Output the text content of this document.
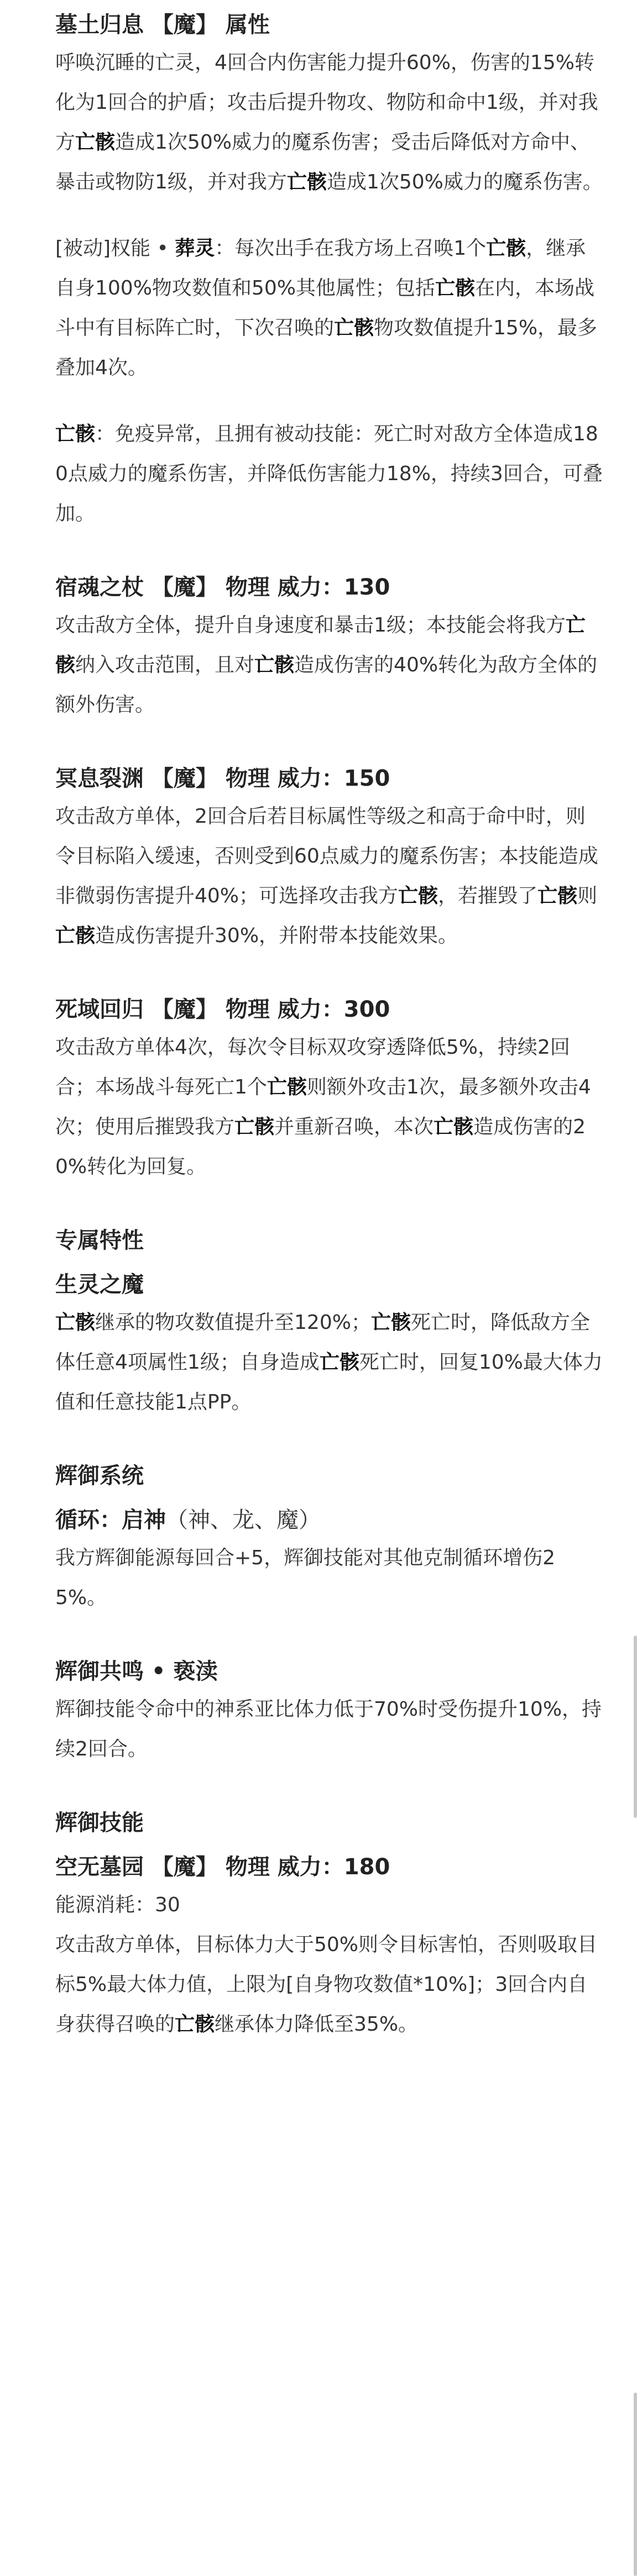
墓土归息 【魔】 属性

呼唤沉睡的亡灵，4回合内伤害能力提升60%，伤害的15%转化为1回合的护盾；攻击后提升物攻、物防和命中1级，并对我方亡骸造成1次50%威力的魔系伤害；受击后降低对方命中、暴击或物防1级，并对我方亡骸造成1次50%威力的魔系伤害。

[被动]权能 • 葬灵：每次出手在我方场上召唤1个亡骸，继承自身100%物攻数值和50%其他属性；包括亡骸在内，本场战斗中有目标阵亡时，下次召唤的亡骸物攻数值提升15%，最多叠加4次。

亡骸：免疫异常，且拥有被动技能：死亡时对敌方全体造成180点威力的魔系伤害，并降低伤害能力18%，持续3回合，可叠加。

宿魂之杖 【魔】 物理 威力：130

攻击敌方全体，提升自身速度和暴击1级；本技能会将我方亡骸纳入攻击范围，且对亡骸造成伤害的40%转化为敌方全体的额外伤害。

冥息裂渊 【魔】 物理 威力：150

攻击敌方单体，2回合后若目标属性等级之和高于命中时，则令目标陷入缓速，否则受到60点威力的魔系伤害；本技能造成非微弱伤害提升40%；可选择攻击我方亡骸，若摧毁了亡骸则亡骸造成伤害提升30%，并附带本技能效果。

死域回归 【魔】 物理 威力：300

攻击敌方单体4次，每次令目标双攻穿透降低5%，持续2回合；本场战斗每死亡1个亡骸则额外攻击1次，最多额外攻击4次；使用后摧毁我方亡骸并重新召唤，本次亡骸造成伤害的20%转化为回复。

专属特性

生灵之魔

亡骸继承的物攻数值提升至120%；亡骸死亡时，降低敌方全体任意4项属性1级；自身造成亡骸死亡时，回复10%最大体力值和任意技能1点PP。

辉御系统

循环：启神（神、龙、魔）

我方辉御能源每回合+5，辉御技能对其他克制循环增伤25%。

辉御共鸣 • 亵渎

辉御技能令命中的神系亚比体力低于70%时受伤提升10%，持续2回合。

辉御技能

空无墓园 【魔】 物理 威力：180

能源消耗：30

攻击敌方单体，目标体力大于50%则令目标害怕，否则吸取目标5%最大体力值，上限为[自身物攻数值*10%]；3回合内自身获得召唤的亡骸继承体力降低至35%。
